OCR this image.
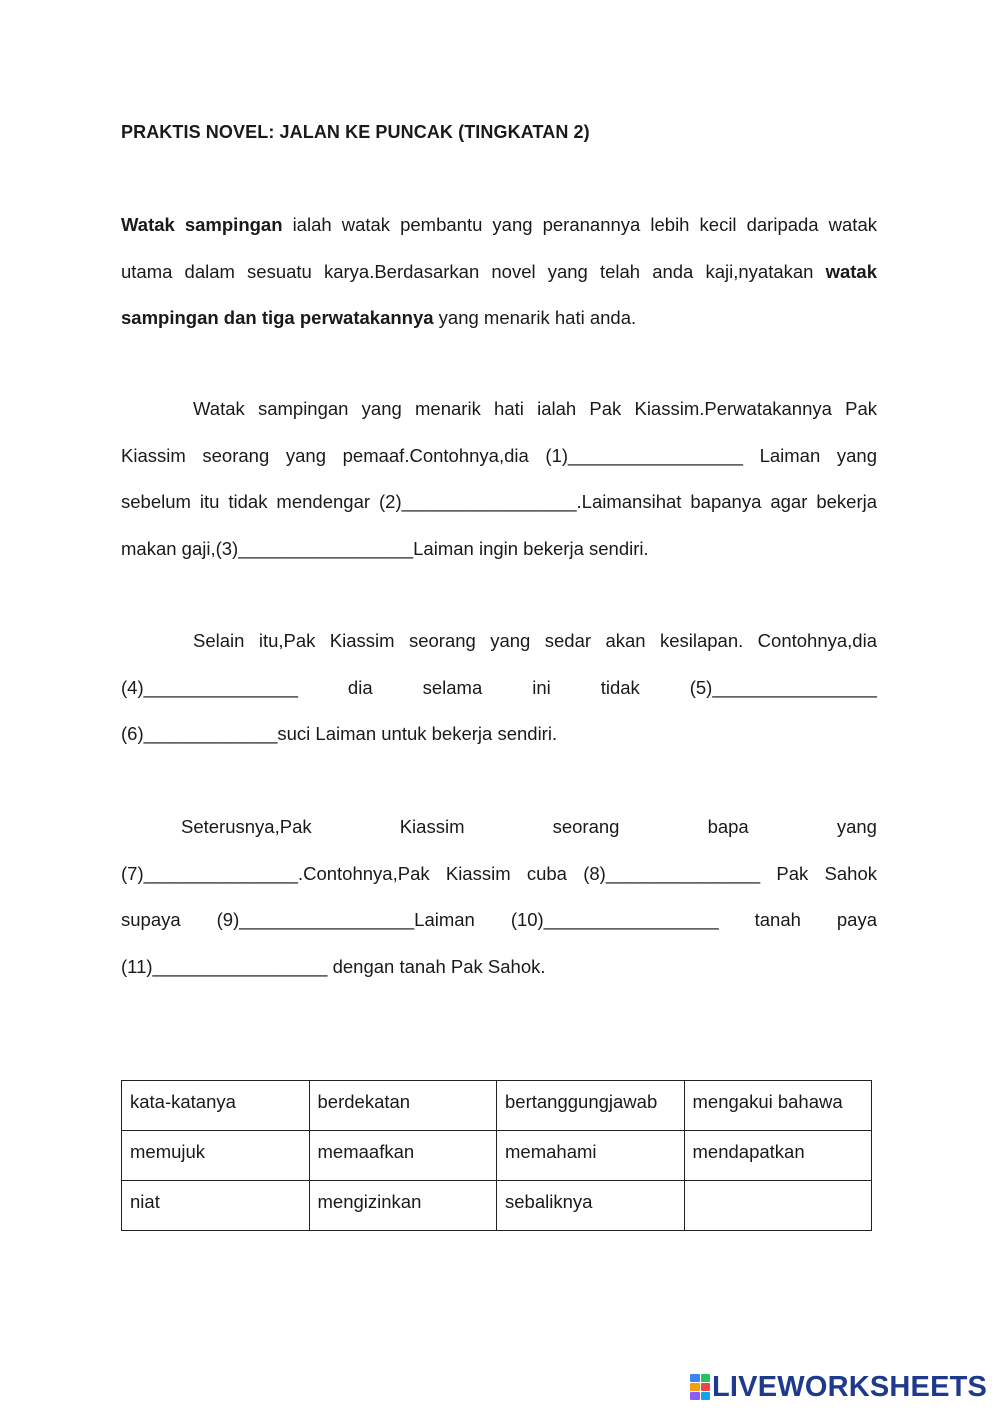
PRAKTIS NOVEL: JALAN KE PUNCAK (TINGKATAN 2)
Watak sampingan ialah watak pembantu yang peranannya lebih kecil daripada watak utama dalam sesuatu karya.Berdasarkan novel yang telah anda kaji,nyatakan watak sampingan dan tiga perwatakannya yang menarik hati anda.
Watak sampingan yang menarik hati ialah Pak Kiassim.Perwatakannya Pak Kiassim seorang yang pemaaf.Contohnya,dia (1)_________________ Laiman yang sebelum itu tidak mendengar (2)_________________.Laimansihat bapanya agar bekerja makan gaji,(3)_________________Laiman ingin bekerja sendiri.
Selain itu,Pak Kiassim seorang yang sedar akan kesilapan. Contohnya,dia
(4)_______________	dia	selama	ini	tidak	(5)________________
(6)_____________suci Laiman untuk bekerja sendiri.
Seterusnya,Pak	Kiassim	seorang	bapa	yang
(7)_______________.Contohnya,Pak Kiassim cuba (8)_______________ Pak Sahok supaya (9)_________________Laiman (10)_________________ tanah paya (11)_________________ dengan tanah Pak Sahok.
kata-katanya	berdekatan	bertanggungjawab	mengakui bahawa
memujuk	memaafkan	memahami	mendapatkan
niat	mengizinkan	sebaliknya	
LIVEWORKSHEETS
